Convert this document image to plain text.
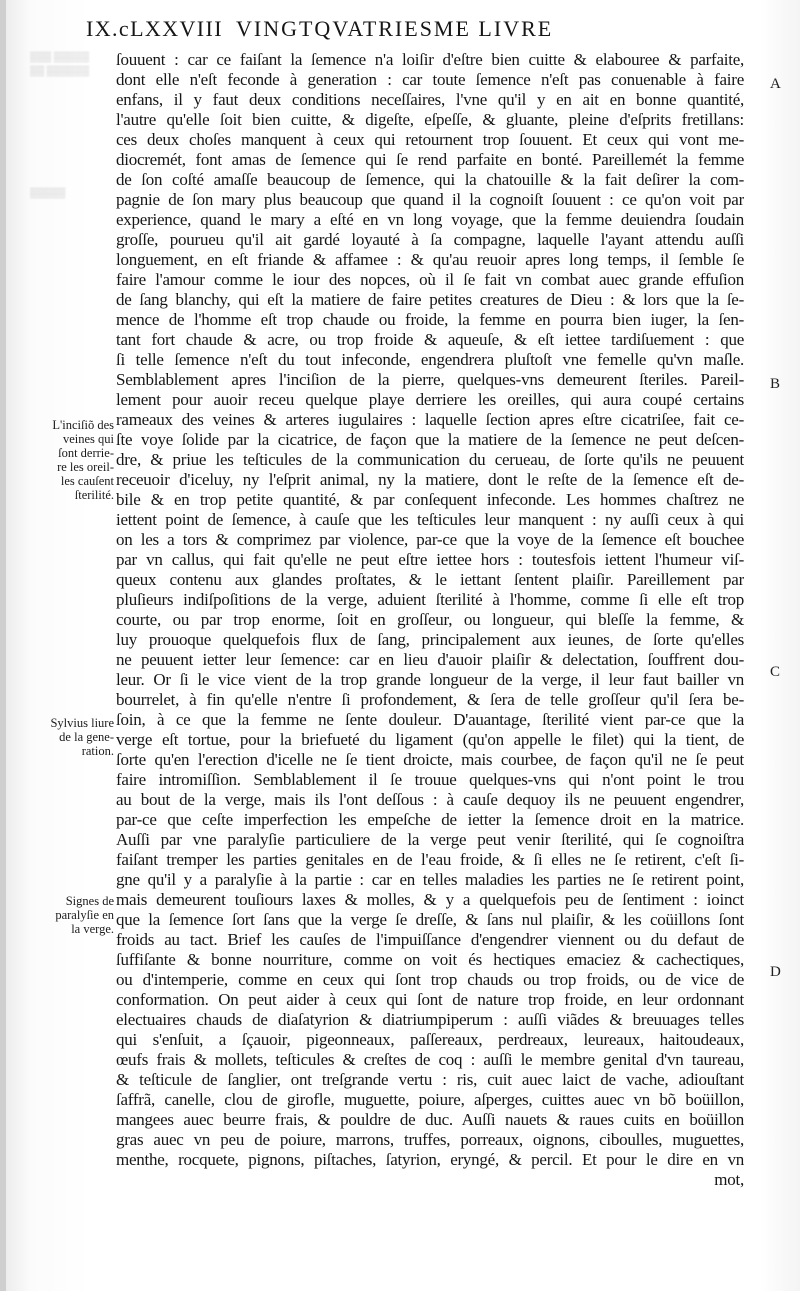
▒▒▒ ▒▒▒▒▒
▒▒ ▒▒▒▒▒▒
▒▒▒▒▒
IX.cLXXVIII VINGTQVATRIESME LIVRE
ſouuent : car ce faiſant la ſemence n'a loiſir d'eſtre bien cuitte & elabouree & parfaite,
dont elle n'eſt feconde à generation : car toute ſemence n'eſt pas conuenable à faire
enfans, il y faut deux conditions neceſſaires, l'vne qu'il y en ait en bonne quantité,
l'autre qu'elle ſoit bien cuitte, & digeſte, eſpeſſe, & gluante, pleine d'eſprits fretillans:
ces deux choſes manquent à ceux qui retournent trop ſouuent. Et ceux qui vont me-
diocremét, font amas de ſemence qui ſe rend parfaite en bonté. Pareillemét la femme
de ſon coſté amaſſe beaucoup de ſemence, qui la chatouille & la fait deſirer la com-
pagnie de ſon mary plus beaucoup que quand il la cognoiſt ſouuent : ce qu'on voit par
experience, quand le mary a eſté en vn long voyage, que la femme deuiendra ſoudain
groſſe, pourueu qu'il ait gardé loyauté à ſa compagne, laquelle l'ayant attendu auſſi
longuement, en eſt friande & affamee : & qu'au reuoir apres long temps, il ſemble ſe
faire l'amour comme le iour des nopces, où il ſe fait vn combat auec grande effuſion
de ſang blanchy, qui eſt la matiere de faire petites creatures de Dieu : & lors que la ſe-
mence de l'homme eſt trop chaude ou froide, la femme en pourra bien iuger, la ſen-
tant fort chaude & acre, ou trop froide & aqueuſe, & eſt iettee tardiſuement : que
ſi telle ſemence n'eſt du tout infeconde, engendrera pluſtoſt vne femelle qu'vn maſle.
Semblablement apres l'inciſion de la pierre, quelques-vns demeurent ſteriles. Pareil-
lement pour auoir receu quelque playe derriere les oreilles, qui aura coupé certains
rameaux des veines & arteres iugulaires : laquelle ſection apres eſtre cicatriſee, fait ce-
ſte voye ſolide par la cicatrice, de façon que la matiere de la ſemence ne peut deſcen-
dre, & priue les teſticules de la communication du cerueau, de ſorte qu'ils ne peuuent
receuoir d'iceluy, ny l'eſprit animal, ny la matiere, dont le reſte de la ſemence eſt de-
bile & en trop petite quantité, & par conſequent infeconde. Les hommes chaſtrez ne
iettent point de ſemence, à cauſe que les teſticules leur manquent : ny auſſi ceux à qui
on les a tors & comprimez par violence, par-ce que la voye de la ſemence eſt bouchee
par vn callus, qui fait qu'elle ne peut eſtre iettee hors : toutesfois iettent l'humeur viſ-
queux contenu aux glandes proſtates, & le iettant ſentent plaiſir. Pareillement par
pluſieurs indiſpoſitions de la verge, aduient ſterilité à l'homme, comme ſi elle eſt trop
courte, ou par trop enorme, ſoit en groſſeur, ou longueur, qui bleſſe la femme, &
luy prouoque quelquefois flux de ſang, principalement aux ieunes, de ſorte qu'elles
ne peuuent ietter leur ſemence: car en lieu d'auoir plaiſir & delectation, ſouffrent dou-
leur. Or ſi le vice vient de la trop grande longueur de la verge, il leur faut bailler vn
bourrelet, à fin qu'elle n'entre ſi profondement, & ſera de telle groſſeur qu'il ſera be-
ſoin, à ce que la femme ne ſente douleur. D'auantage, ſterilité vient par-ce que la
verge eſt tortue, pour la briefueté du ligament (qu'on appelle le filet) qui la tient, de
ſorte qu'en l'erection d'icelle ne ſe tient droicte, mais courbee, de façon qu'il ne ſe peut
faire intromiſſion. Semblablement il ſe trouue quelques-vns qui n'ont point le trou
au bout de la verge, mais ils l'ont deſſous : à cauſe dequoy ils ne peuuent engendrer,
par-ce que ceſte imperfection les empeſche de ietter la ſemence droit en la matrice.
Auſſi par vne paralyſie particuliere de la verge peut venir ſterilité, qui ſe cognoiſtra
faiſant tremper les parties genitales en de l'eau froide, & ſi elles ne ſe retirent, c'eſt ſi-
gne qu'il y a paralyſie à la partie : car en telles maladies les parties ne ſe retirent point,
mais demeurent touſiours laxes & molles, & y a quelquefois peu de ſentiment : ioinct
que la ſemence ſort ſans que la verge ſe dreſſe, & ſans nul plaiſir, & les coüillons ſont
froids au tact. Brief les cauſes de l'impuiſſance d'engendrer viennent ou du defaut de
ſuffiſante & bonne nourriture, comme on voit és hectiques emaciez & cachectiques,
ou d'intemperie, comme en ceux qui ſont trop chauds ou trop froids, ou de vice de
conformation. On peut aider à ceux qui ſont de nature trop froide, en leur ordonnant
electuaires chauds de diaſatyrion & diatriumpiperum : auſſi viãdes & breuuages telles
qui s'enſuit, a ſçauoir, pigeonneaux, paſſereaux, perdreaux, leureaux, haitoudeaux,
œufs frais & mollets, teſticules & creſtes de coq : auſſi le membre genital d'vn taureau,
& teſticule de ſanglier, ont treſgrande vertu : ris, cuit auec laict de vache, adiouſtant
ſaffrã, canelle, clou de girofle, muguette, poiure, aſperges, cuittes auec vn bõ boüillon,
mangees auec beurre frais, & pouldre de duc. Auſſi nauets & raues cuits en boüillon
gras auec vn peu de poiure, marrons, truffes, porreaux, oignons, ciboulles, muguettes,
menthe, rocquete, pignons, piſtaches, ſatyrion, eryngé, & percil. Et pour le dire en vn
mot,
L'inciſiõ des
veines qui
ſont derrie-
re les oreil-
les cauſent
ſterilité.
Sylvius liure
de la gene-
ration.
Signes de
paralyſie en
la verge.
A
B
C
D
